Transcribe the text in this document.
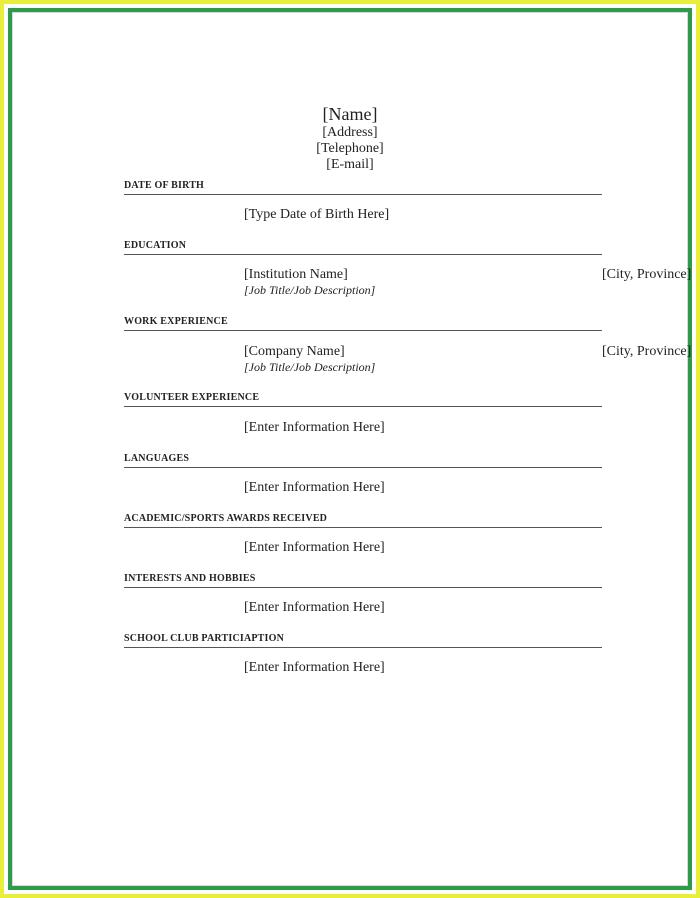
[Name]
[Address]
[Telephone]
[E-mail]
DATE OF BIRTH
[Type Date of Birth Here]
EDUCATION
[Institution Name]
[Job Title/Job Description]
[City, Province]
WORK EXPERIENCE
[Company Name]
[Job Title/Job Description]
[City, Province]
VOLUNTEER EXPERIENCE
[Enter Information Here]
LANGUAGES
[Enter Information Here]
ACADEMIC/SPORTS AWARDS RECEIVED
[Enter Information Here]
INTERESTS AND HOBBIES
[Enter Information Here]
SCHOOL CLUB PARTICIAPTION
[Enter Information Here]
